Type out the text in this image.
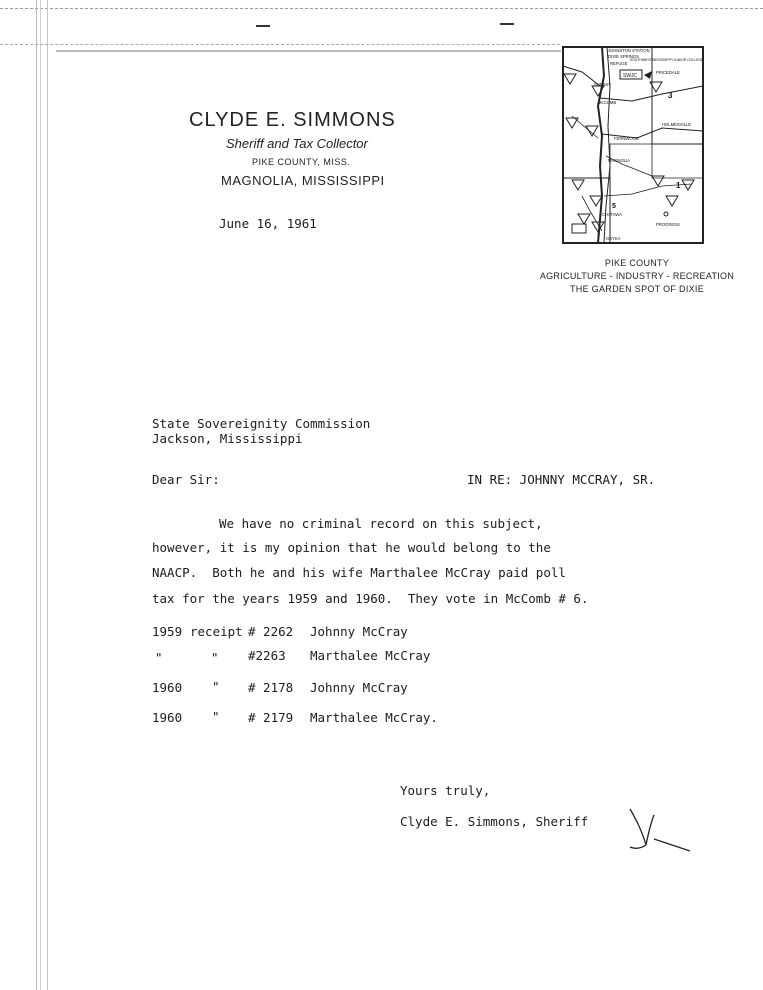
CLYDE E. SIMMONS
Sheriff and Tax Collector
PIKE COUNTY, MISS.
MAGNOLIA, MISSISSIPPI
JOHNSTON STATION
DIXIE SPRINGS
REFUGE
SOUTHWEST MISSISSIPPI JUNIOR COLLEGE
SWJC
PRICEDALE
SUMMIT
McCOMB
HOLMESVILLE
FERNWOOD
MAGNOLIA
CHATAWA
PROGRESS
OSYKA
3
1
5
PIKE COUNTY
AGRICULTURE - INDUSTRY - RECREATION
THE GARDEN SPOT OF DIXIE
June 16, 1961
State Sovereignity Commission
Jackson, Mississippi
Dear Sir:	IN RE: JOHNNY MCCRAY, SR.
We have no criminal record on this subject,
however, it is my opinion that he would belong to the
NAACP.  Both he and his wife Marthalee McCray paid poll
tax for the years 1959 and 1960.  They vote in McComb # 6.
1959 receipt # 2262 Johnny McCray
"	" #2263 Marthalee McCray
1960 " # 2178 Johnny McCray
1960 " # 2179 Marthalee McCray.
Yours truly,
Clyde E. Simmons, Sheriff
